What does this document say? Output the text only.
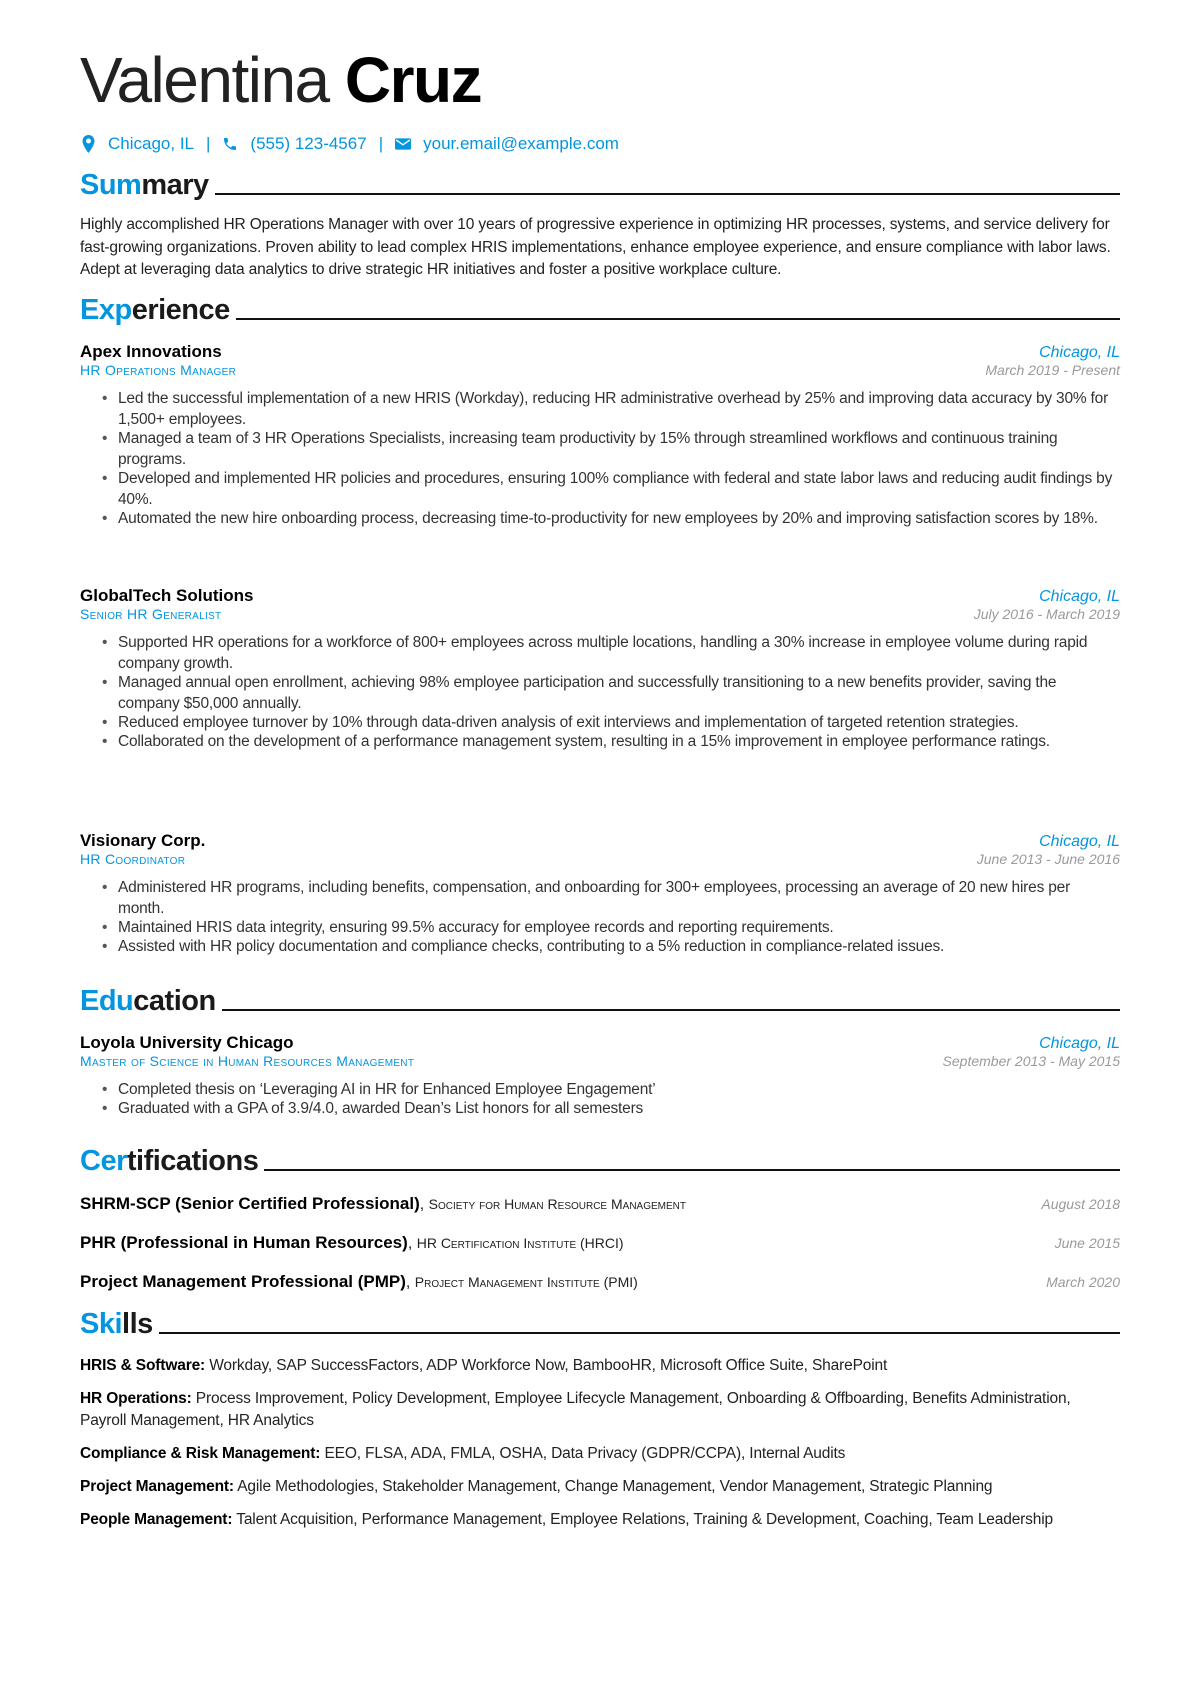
Valentina Cruz
Chicago, IL | (555) 123-4567 | your.email@example.com
Summary
Highly accomplished HR Operations Manager with over 10 years of progressive experience in optimizing HR processes, systems, and service delivery for fast-growing organizations. Proven ability to lead complex HRIS implementations, enhance employee experience, and ensure compliance with labor laws. Adept at leveraging data analytics to drive strategic HR initiatives and foster a positive workplace culture.
Experience
Apex Innovations	Chicago, IL
HR Operations Manager	March 2019 - Present
• Led the successful implementation of a new HRIS (Workday), reducing HR administrative overhead by 25% and improving data accuracy by 30% for 1,500+ employees.
• Managed a team of 3 HR Operations Specialists, increasing team productivity by 15% through streamlined workflows and continuous training programs.
• Developed and implemented HR policies and procedures, ensuring 100% compliance with federal and state labor laws and reducing audit findings by 40%.
• Automated the new hire onboarding process, decreasing time-to-productivity for new employees by 20% and improving satisfaction scores by 18%.
GlobalTech Solutions	Chicago, IL
Senior HR Generalist	July 2016 - March 2019
• Supported HR operations for a workforce of 800+ employees across multiple locations, handling a 30% increase in employee volume during rapid company growth.
• Managed annual open enrollment, achieving 98% employee participation and successfully transitioning to a new benefits provider, saving the company $50,000 annually.
• Reduced employee turnover by 10% through data-driven analysis of exit interviews and implementation of targeted retention strategies.
• Collaborated on the development of a performance management system, resulting in a 15% improvement in employee performance ratings.
Visionary Corp.	Chicago, IL
HR Coordinator	June 2013 - June 2016
• Administered HR programs, including benefits, compensation, and onboarding for 300+ employees, processing an average of 20 new hires per month.
• Maintained HRIS data integrity, ensuring 99.5% accuracy for employee records and reporting requirements.
• Assisted with HR policy documentation and compliance checks, contributing to a 5% reduction in compliance-related issues.
Education
Loyola University Chicago	Chicago, IL
Master of Science in Human Resources Management	September 2013 - May 2015
• Completed thesis on ‘Leveraging AI in HR for Enhanced Employee Engagement’
• Graduated with a GPA of 3.9/4.0, awarded Dean’s List honors for all semesters
Certifications
SHRM-SCP (Senior Certified Professional), Society for Human Resource Management	August 2018
PHR (Professional in Human Resources), HR Certification Institute (HRCI)	June 2015
Project Management Professional (PMP), Project Management Institute (PMI)	March 2020
Skills
HRIS & Software: Workday, SAP SuccessFactors, ADP Workforce Now, BambooHR, Microsoft Office Suite, SharePoint
HR Operations: Process Improvement, Policy Development, Employee Lifecycle Management, Onboarding & Offboarding, Benefits Administration, Payroll Management, HR Analytics
Compliance & Risk Management: EEO, FLSA, ADA, FMLA, OSHA, Data Privacy (GDPR/CCPA), Internal Audits
Project Management: Agile Methodologies, Stakeholder Management, Change Management, Vendor Management, Strategic Planning
People Management: Talent Acquisition, Performance Management, Employee Relations, Training & Development, Coaching, Team Leadership
